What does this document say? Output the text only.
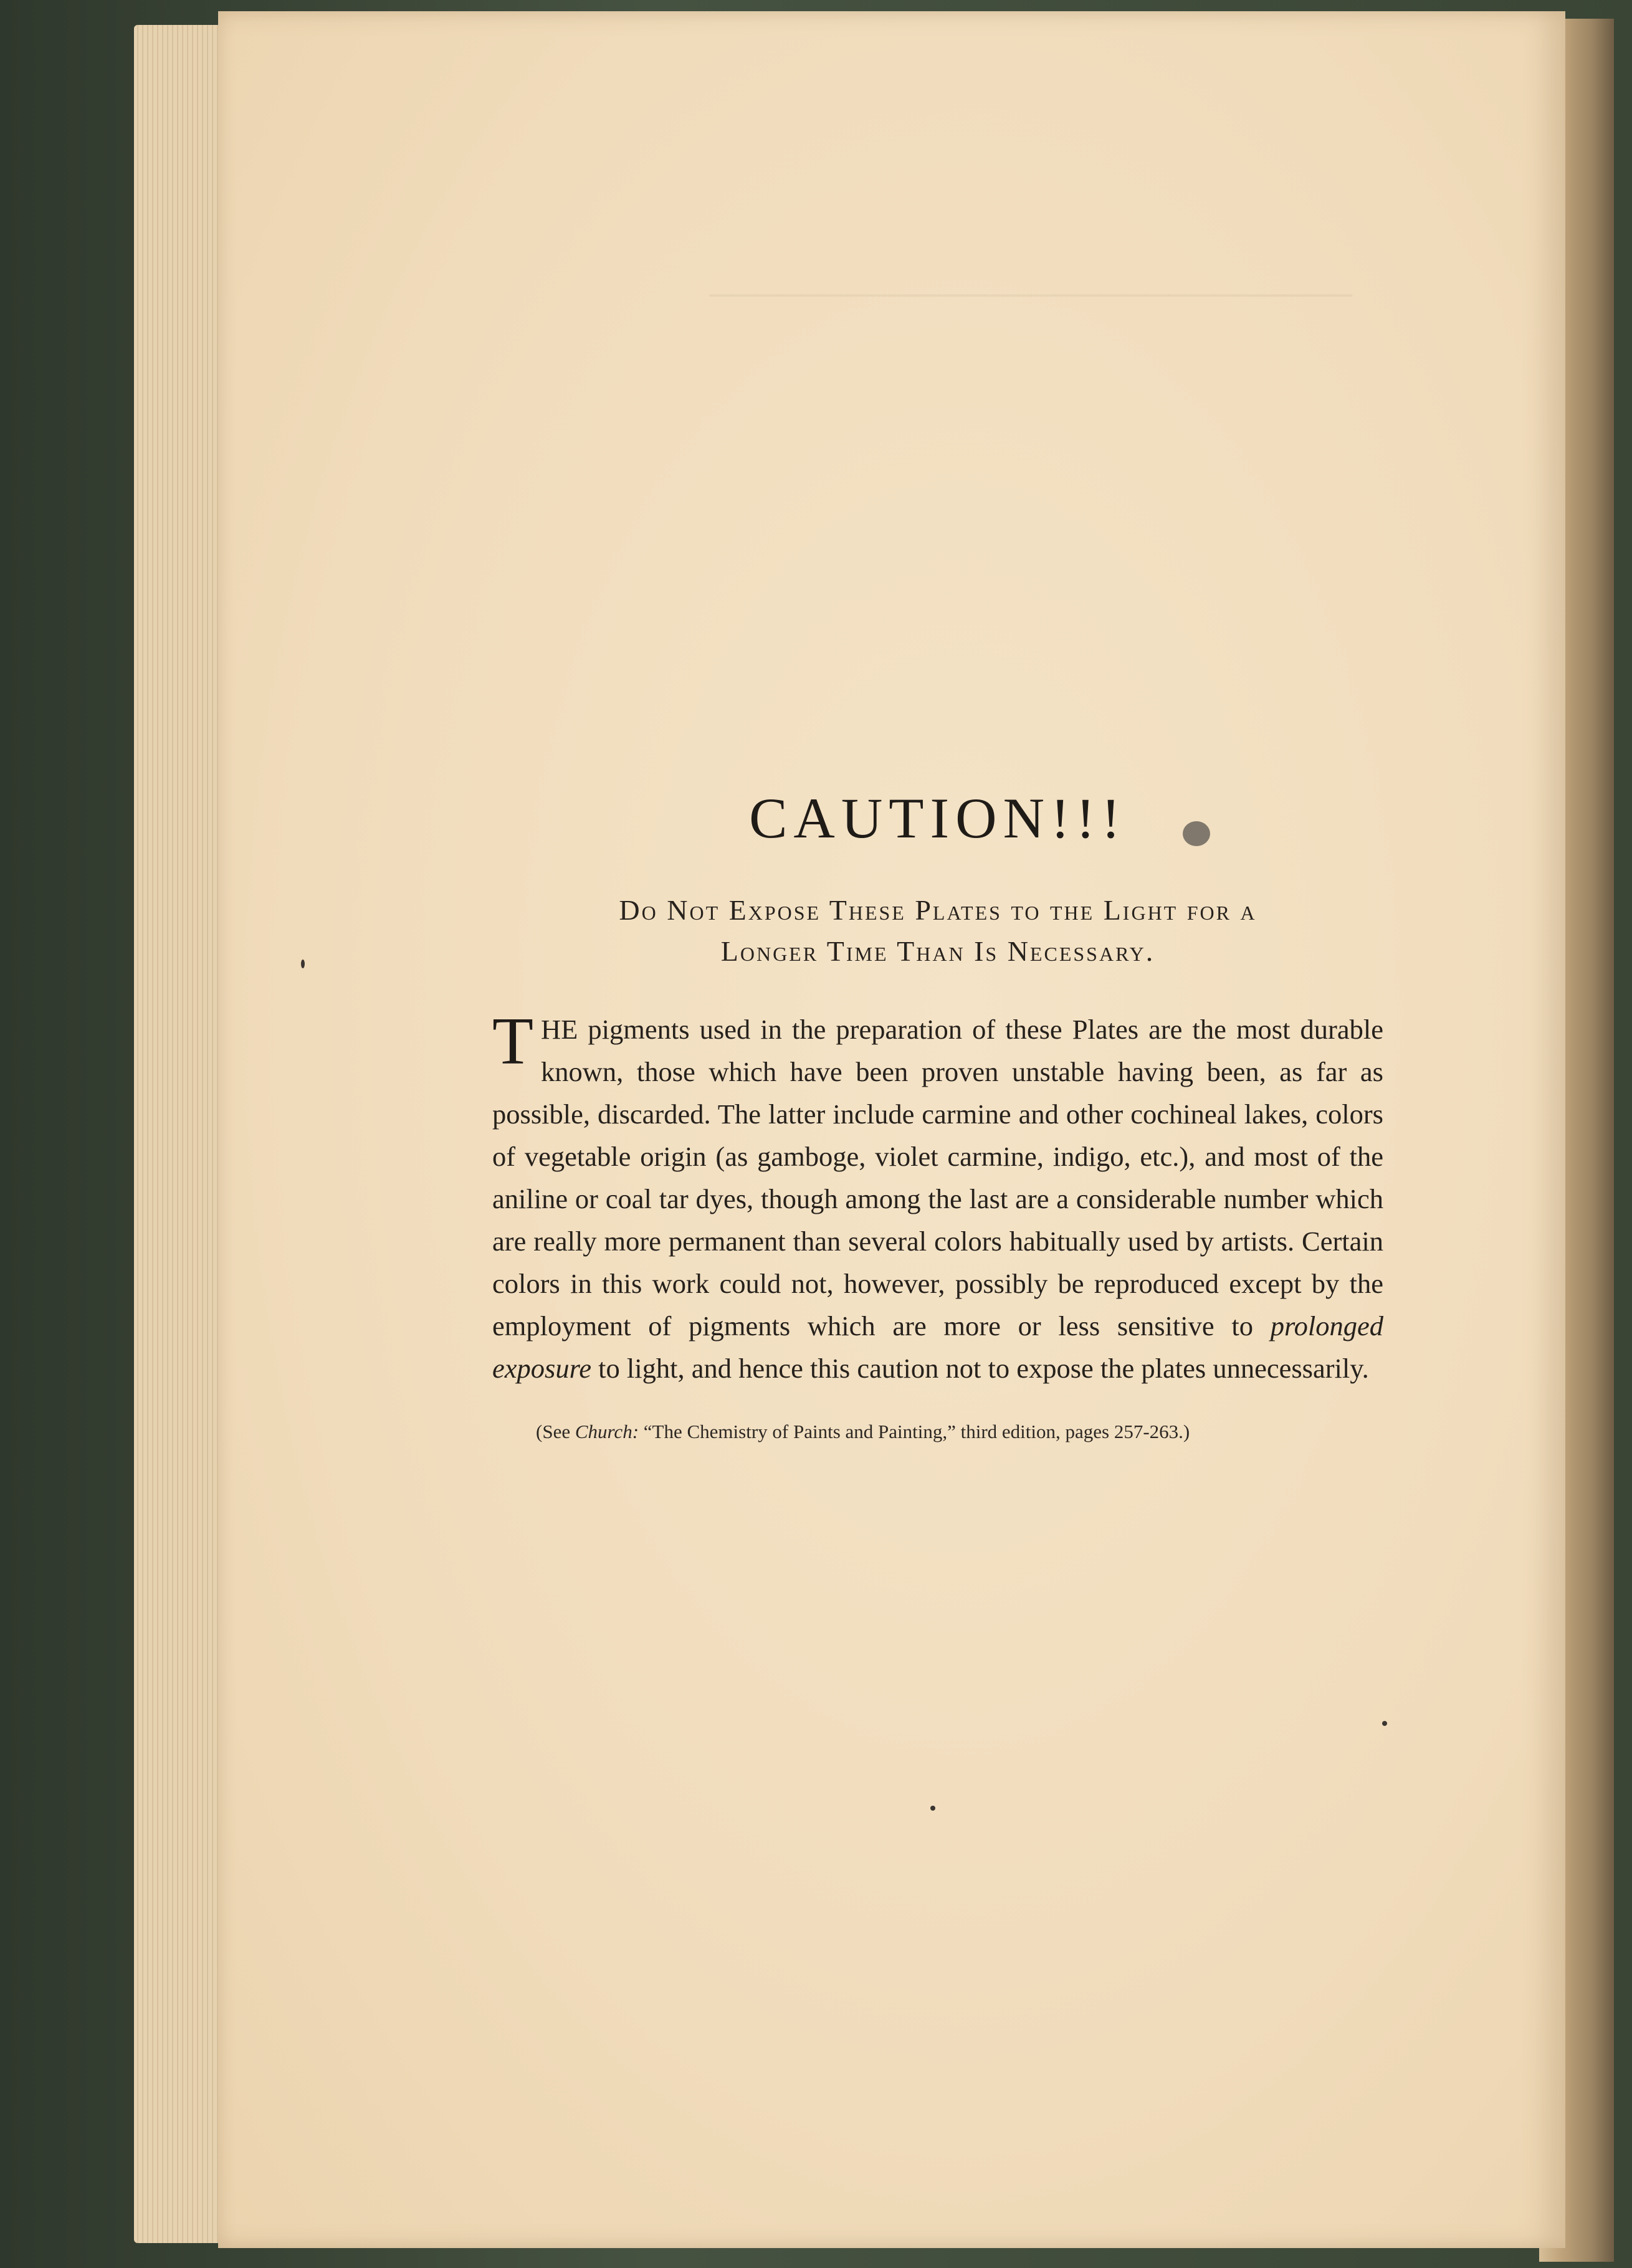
CAUTION!!!
Do Not Expose These Plates to the Light for a
Longer Time Than Is Necessary.

THE pigments used in the preparation of these Plates are the most durable known, those which have been proven unstable having been, as far as possible, discarded. The latter include carmine and other cochineal lakes, colors of vegetable origin (as gamboge, violet carmine, indigo, etc.), and most of the aniline or coal tar dyes, though among the last are a considerable number which are really more permanent than several colors habitually used by artists. Certain colors in this work could not, however, possibly be reproduced except by the employment of pigments which are more or less sensitive to prolonged exposure to light, and hence this caution not to expose the plates unnecessarily.

(See Church: “The Chemistry of Paints and Painting,” third edition, pages 257-263.)
